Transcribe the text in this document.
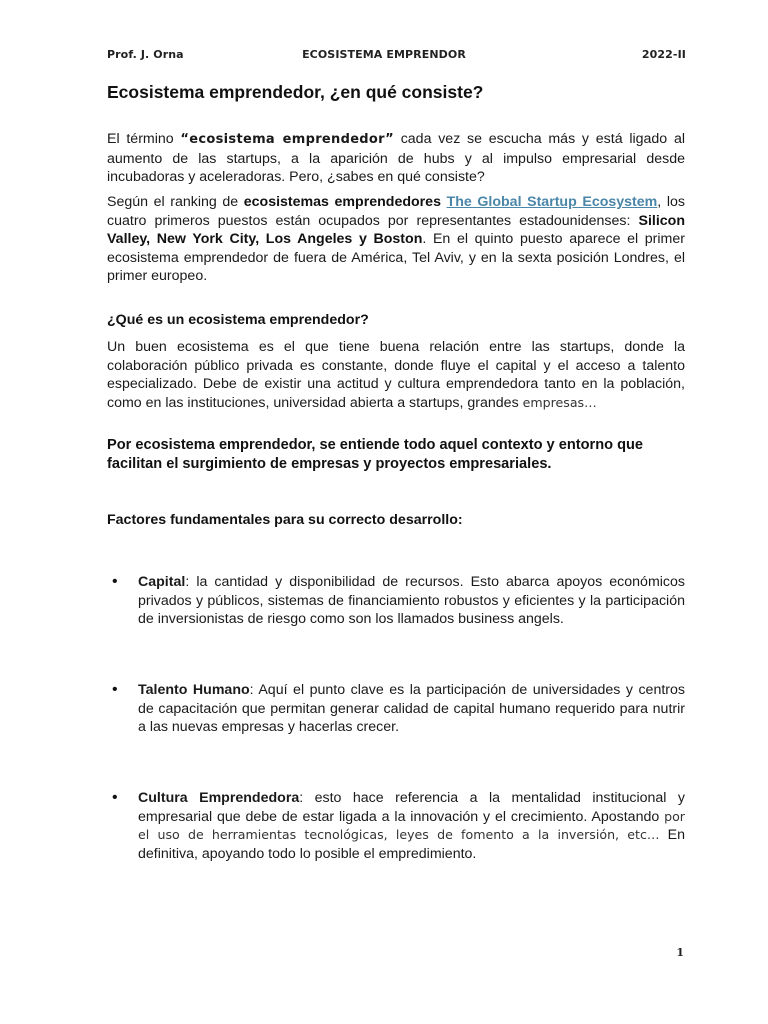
Prof. J. Orna	ECOSISTEMA EMPRENDOR	2022-II
Ecosistema emprendedor, ¿en qué consiste?
El término “ecosistema emprendedor” cada vez se escucha más y está ligado al aumento de las startups, a la aparición de hubs y al impulso empresarial desde incubadoras y aceleradoras. Pero, ¿sabes en qué consiste?
Según el ranking de ecosistemas emprendedores The Global Startup Ecosystem, los cuatro primeros puestos están ocupados por representantes estadounidenses: Silicon Valley, New York City, Los Angeles y Boston. En el quinto puesto aparece el primer ecosistema emprendedor de fuera de América, Tel Aviv, y en la sexta posición Londres, el primer europeo.
¿Qué es un ecosistema emprendedor?
Un buen ecosistema es el que tiene buena relación entre las startups, donde la colaboración público privada es constante, donde fluye el capital y el acceso a talento especializado. Debe de existir una actitud y cultura emprendedora tanto en la población, como en las instituciones, universidad abierta a startups, grandes empresas…
Por ecosistema emprendedor, se entiende todo aquel contexto y entorno que facilitan el surgimiento de empresas y proyectos empresariales.
Factores fundamentales para su correcto desarrollo:
• Capital: la cantidad y disponibilidad de recursos. Esto abarca apoyos económicos privados y públicos, sistemas de financiamiento robustos y eficientes y la participación de inversionistas de riesgo como son los llamados business angels.
• Talento Humano: Aquí el punto clave es la participación de universidades y centros de capacitación que permitan generar calidad de capital humano requerido para nutrir a las nuevas empresas y hacerlas crecer.
• Cultura Emprendedora: esto hace referencia a la mentalidad institucional y empresarial que debe de estar ligada a la innovación y el crecimiento. Apostando por el uso de herramientas tecnológicas, leyes de fomento a la inversión, etc… En definitiva, apoyando todo lo posible el empredimiento.
1
